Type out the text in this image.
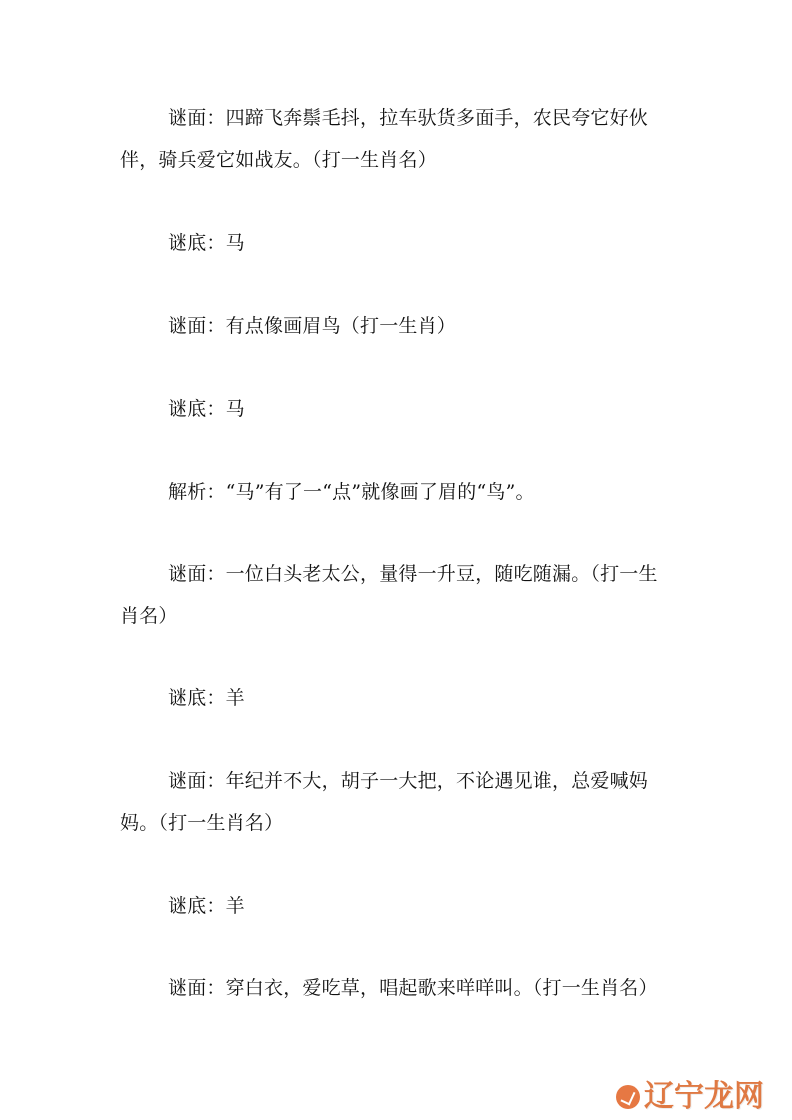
谜面：四蹄飞奔鬃毛抖，拉车驮货多面手，农民夸它好伙伴，骑兵爱它如战友。（打一生肖名）

谜底：马

谜面：有点像画眉鸟（打一生肖）

谜底：马

解析：“马”有了一“点”就像画了眉的“鸟”。

谜面：一位白头老太公，量得一升豆，随吃随漏。（打一生肖名）

谜底：羊

谜面：年纪并不大，胡子一大把，不论遇见谁，总爱喊妈妈。（打一生肖名）

谜底：羊

谜面：穿白衣，爱吃草，唱起歌来咩咩叫。（打一生肖名）

辽宁龙网
